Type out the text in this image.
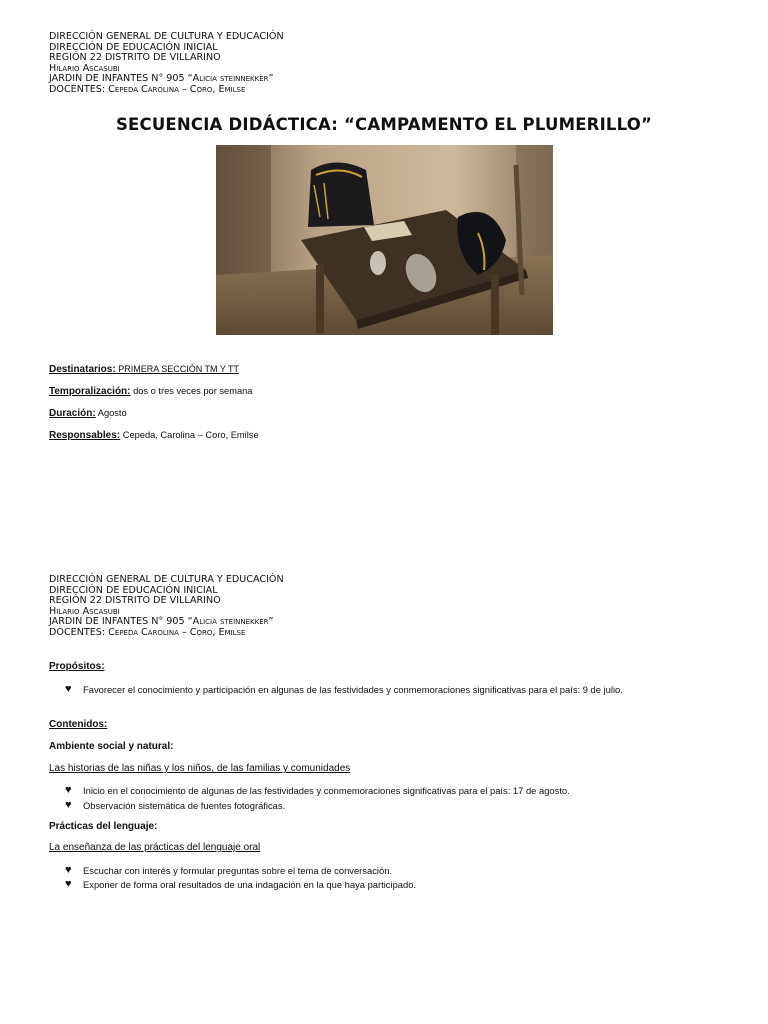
DIRECCIÓN GENERAL DE CULTURA Y EDUCACIÓN
DIRECCIÓN DE EDUCACIÓN INICIAL
REGIÓN 22 DISTRITO DE VILLARINO
Hilario Ascasubi
JARDIN DE INFANTES N° 905 “Alicia steinnekker”
DOCENTES: Cepeda Carolina – Coro, Emilse
SECUENCIA DIDÁCTICA: “CAMPAMENTO EL PLUMERILLO”
Destinatarios: PRIMERA SECCIÓN TM Y TT
Temporalización: dos o tres veces por semana
Duración: Agosto
Responsables: Cepeda, Carolina – Coro, Emilse
DIRECCIÓN GENERAL DE CULTURA Y EDUCACIÓN
DIRECCIÓN DE EDUCACIÓN INICIAL
REGIÓN 22 DISTRITO DE VILLARINO
Hilario Ascasubi
JARDIN DE INFANTES N° 905 “Alicia steinnekker”
DOCENTES: Cepeda Carolina – Coro, Emilse
Propósitos:
♥	Favorecer el conocimiento y participación en algunas de las festividades y conmemoraciones significativas para el país: 9 de julio.
Contenidos:
Ambiente social y natural:
Las historias de las niñas y los niños, de las familias y comunidades
♥	Inicio en el conocimiento de algunas de las festividades y conmemoraciones significativas para el país: 17 de agosto.
♥	Observación sistemática de fuentes fotográficas.
Prácticas del lenguaje:
La enseñanza de las prácticas del lenguaje oral
♥	Escuchar con interés y formular preguntas sobre el tema de conversación.
♥	Exponer de forma oral resultados de una indagación en la que haya participado.
